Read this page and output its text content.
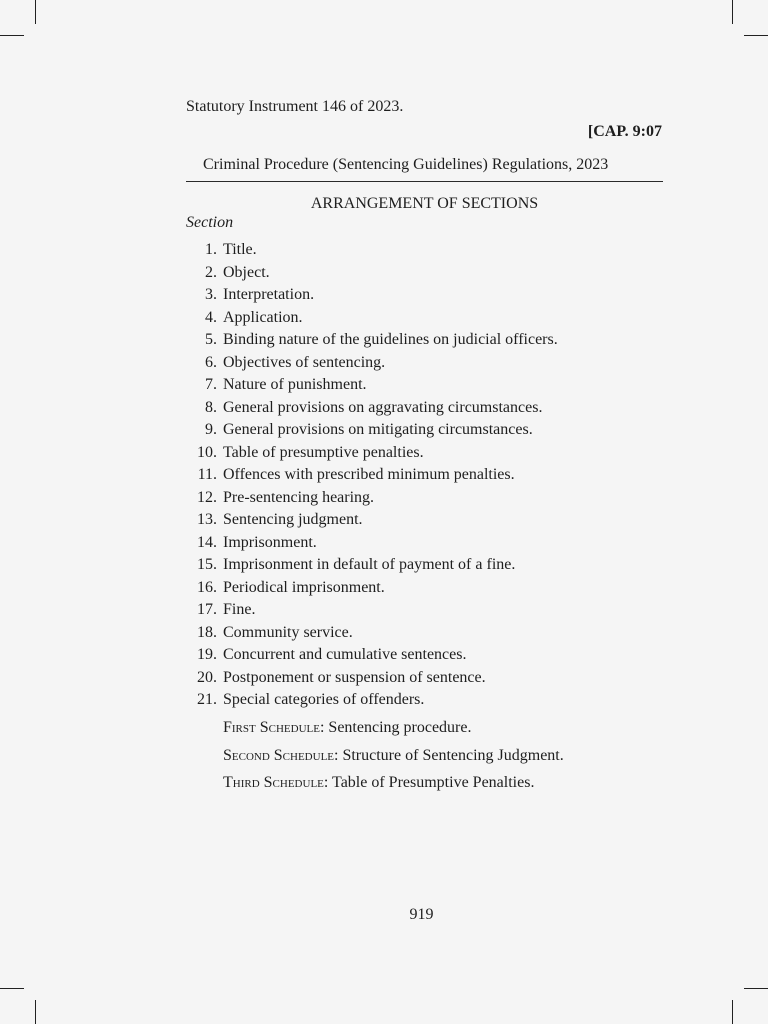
Statutory Instrument 146 of 2023.
[CAP. 9:07
Criminal Procedure (Sentencing Guidelines) Regulations, 2023
ARRANGEMENT OF SECTIONS
Section
1. Title.
2. Object.
3. Interpretation.
4. Application.
5. Binding nature of the guidelines on judicial officers.
6. Objectives of sentencing.
7. Nature of punishment.
8. General provisions on aggravating circumstances.
9. General provisions on mitigating circumstances.
10. Table of presumptive penalties.
11. Offences with prescribed minimum penalties.
12. Pre-sentencing hearing.
13. Sentencing judgment.
14. Imprisonment.
15. Imprisonment in default of payment of a fine.
16. Periodical imprisonment.
17. Fine.
18. Community service.
19. Concurrent and cumulative sentences.
20. Postponement or suspension of sentence.
21. Special categories of offenders.
First Schedule: Sentencing procedure.
Second Schedule: Structure of Sentencing Judgment.
Third Schedule: Table of Presumptive Penalties.
919
